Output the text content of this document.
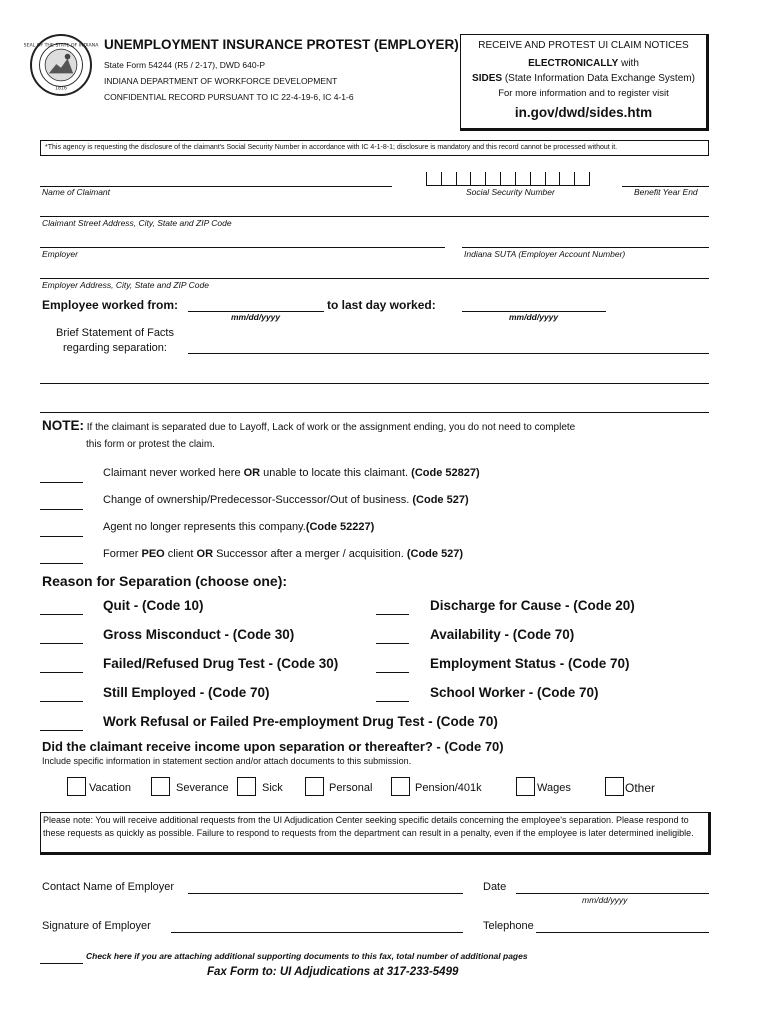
SEAL OF THE STATE OF INDIANA
1816
UNEMPLOYMENT INSURANCE PROTEST (EMPLOYER)
State Form 54244 (R5 / 2-17), DWD 640-P
INDIANA DEPARTMENT OF WORKFORCE DEVELOPMENT
CONFIDENTIAL RECORD PURSUANT TO IC 22-4-19-6, IC 4-1-6
RECEIVE AND PROTEST UI CLAIM NOTICES
ELECTRONICALLY with
SIDES (State Information Data Exchange System)
For more information and to register visit
in.gov/dwd/sides.htm
*This agency is requesting the disclosure of the claimant's Social Security Number in accordance with IC 4-1-8-1; disclosure is mandatory and this record cannot be processed without it.
Name of Claimant	Social Security Number	Benefit Year End
Claimant Street Address, City, State and ZIP Code
Employer	Indiana SUTA (Employer Account Number)
Employer Address, City, State and ZIP Code
Employee worked from:
mm/dd/yyyy
to last day worked:
mm/dd/yyyy
Brief Statement of Facts
regarding separation:
NOTE: If the claimant is separated due to Layoff, Lack of work or the assignment ending, you do not need to complete
this form or protest the claim.
Claimant never worked here OR unable to locate this claimant. (Code 52827)
Change of ownership/Predecessor-Successor/Out of business. (Code 527)
Agent no longer represents this company.(Code 52227)
Former PEO client OR Successor after a merger / acquisition. (Code 527)
Reason for Separation (choose one):
Quit - (Code 10)	Discharge for Cause - (Code 20)
Gross Misconduct - (Code 30)	Availability - (Code 70)
Failed/Refused Drug Test - (Code 30)	Employment Status - (Code 70)
Still Employed - (Code 70)	School Worker - (Code 70)
Work Refusal or Failed Pre-employment Drug Test - (Code 70)
Did the claimant receive income upon separation or thereafter? - (Code 70)
Include specific information in statement section and/or attach documents to this submission.
Vacation	Severance	Sick	Personal	Pension/401k	Wages	Other
Please note: You will receive additional requests from the UI Adjudication Center seeking specific details concerning the employee's separation. Please respond to these requests as quickly as possible. Failure to respond to requests from the department can result in a penalty, even if the employee is later determined ineligible.
Contact Name of Employer	Date
mm/dd/yyyy
Signature of Employer	Telephone
Check here if you are attaching additional supporting documents to this fax, total number of additional pages
Fax Form to: UI Adjudications at 317-233-5499
